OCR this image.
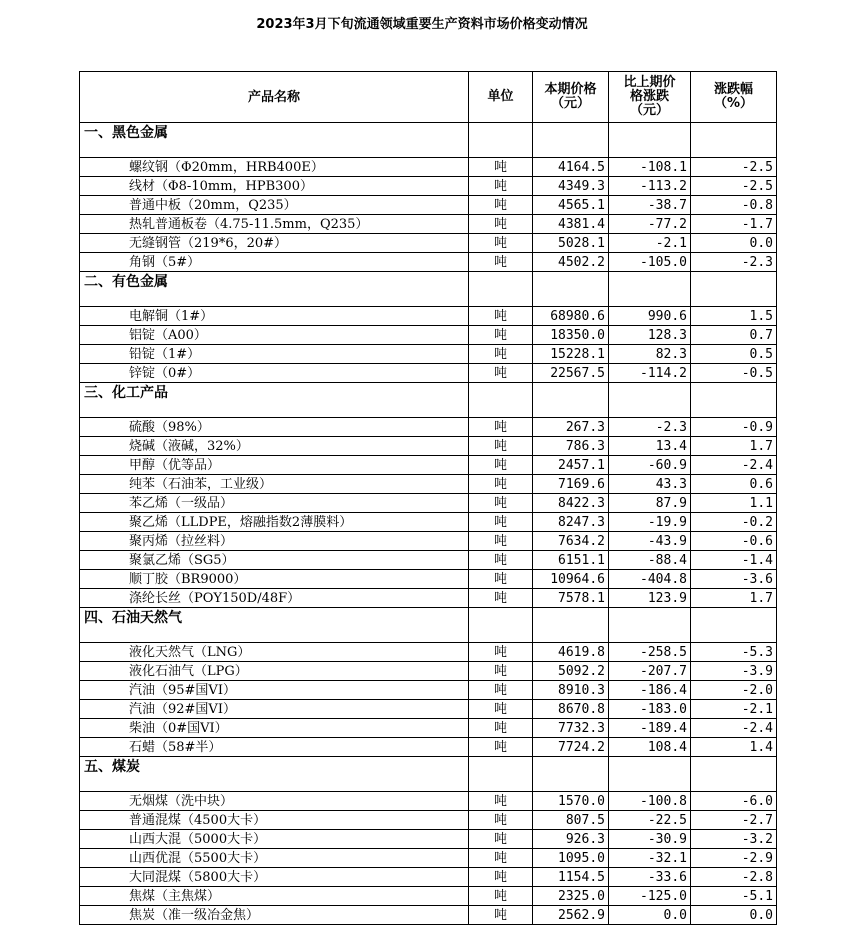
2023年3月下旬流通领域重要生产资料市场价格变动情况
产品名称	单位	本期价格（元）	比上期价格涨跌（元）	涨跌幅（%）
一、黑色金属				
螺纹钢（Φ20mm，HRB400E）	吨	4164.5	-108.1	-2.5
线材（Φ8-10mm，HPB300）	吨	4349.3	-113.2	-2.5
普通中板（20mm，Q235）	吨	4565.1	-38.7	-0.8
热轧普通板卷（4.75-11.5mm，Q235）	吨	4381.4	-77.2	-1.7
无缝钢管（219*6，20#）	吨	5028.1	-2.1	0.0
角钢（5#）	吨	4502.2	-105.0	-2.3
二、有色金属				
电解铜（1#）	吨	68980.6	990.6	1.5
铝锭（A00）	吨	18350.0	128.3	0.7
铅锭（1#）	吨	15228.1	82.3	0.5
锌锭（0#）	吨	22567.5	-114.2	-0.5
三、化工产品				
硫酸（98%）	吨	267.3	-2.3	-0.9
烧碱（液碱，32%）	吨	786.3	13.4	1.7
甲醇（优等品）	吨	2457.1	-60.9	-2.4
纯苯（石油苯，工业级）	吨	7169.6	43.3	0.6
苯乙烯（一级品）	吨	8422.3	87.9	1.1
聚乙烯（LLDPE，熔融指数2薄膜料）	吨	8247.3	-19.9	-0.2
聚丙烯（拉丝料）	吨	7634.2	-43.9	-0.6
聚氯乙烯（SG5）	吨	6151.1	-88.4	-1.4
顺丁胶（BR9000）	吨	10964.6	-404.8	-3.6
涤纶长丝（POY150D/48F）	吨	7578.1	123.9	1.7
四、石油天然气				
液化天然气（LNG）	吨	4619.8	-258.5	-5.3
液化石油气（LPG）	吨	5092.2	-207.7	-3.9
汽油（95#国VI）	吨	8910.3	-186.4	-2.0
汽油（92#国VI）	吨	8670.8	-183.0	-2.1
柴油（0#国VI）	吨	7732.3	-189.4	-2.4
石蜡（58#半）	吨	7724.2	108.4	1.4
五、煤炭				
无烟煤（洗中块）	吨	1570.0	-100.8	-6.0
普通混煤（4500大卡）	吨	807.5	-22.5	-2.7
山西大混（5000大卡）	吨	926.3	-30.9	-3.2
山西优混（5500大卡）	吨	1095.0	-32.1	-2.9
大同混煤（5800大卡）	吨	1154.5	-33.6	-2.8
焦煤（主焦煤）	吨	2325.0	-125.0	-5.1
焦炭（准一级冶金焦）	吨	2562.9	0.0	0.0
